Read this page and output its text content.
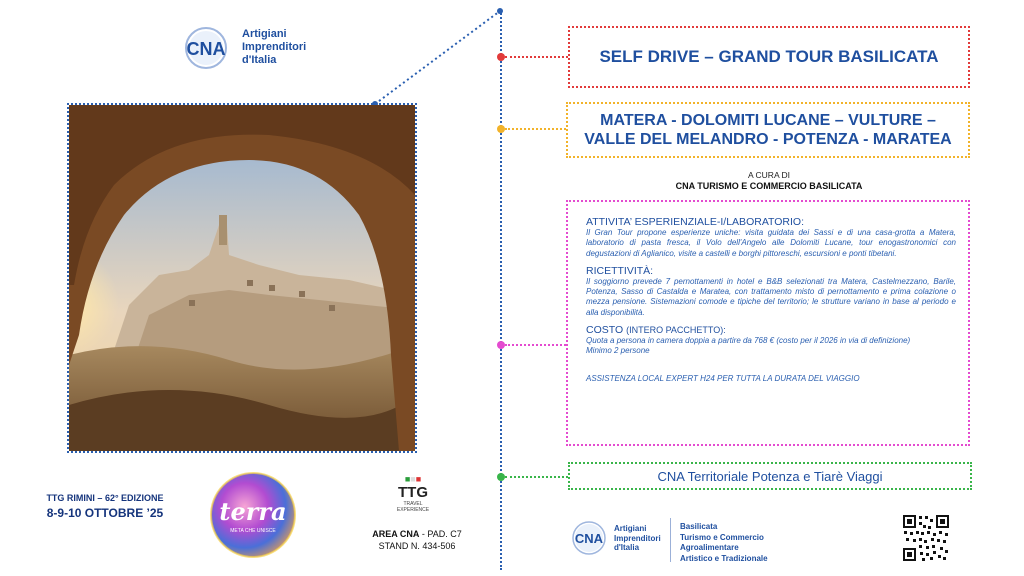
CNA
Artigiani
Imprenditori
d'Italia
TTG RIMINI – 62° EDIZIONE
8-9-10 OTTOBRE ’25 terra
META CHE UNISCE
■■■
TTG
TRAVEL EXPERIENCE
AREA CNA - PAD. C7
STAND N. 434-506
SELF DRIVE – GRAND TOUR BASILICATA
MATERA - DOLOMITI LUCANE – VULTURE –
VALLE DEL MELANDRO - POTENZA - MARATEA
A CURA DI
CNA TURISMO E COMMERCIO BASILICATA
ATTIVITA’ ESPERIENZIALE-I/LABORATORIO:
Il Gran Tour propone esperienze uniche: visita guidata dei Sassi e di una casa-grotta a Matera, laboratorio di pasta fresca, il Volo dell'Angelo alle Dolomiti Lucane, tour enogastronomici con degustazioni di Aglianico, visite a castelli e borghi pittoreschi, escursioni e ponti tibetani.
RICETTIVITÀ:
Il soggiorno prevede 7 pernottamenti in hotel e B&B selezionati tra Matera, Castelmezzano, Barile, Potenza, Sasso di Castalda e Maratea, con trattamento misto di pernottamento e prima colazione o mezza pensione. Sistemazioni comode e tipiche del territorio; le strutture variano in base al periodo e alla disponibilità.
COSTO (INTERO PACCHETTO):
Quota a persona in camera doppia a partire da 768 € (costo per il 2026 in via di definizione)
Minimo 2 persone
ASSISTENZA LOCAL EXPERT H24 PER TUTTA LA DURATA DEL VIAGGIO
CNA Territoriale Potenza e Tiarè Viaggi
CNA
Artigiani
Imprenditori
d'Italia
Basilicata
Turismo e Commercio
Agroalimentare
Artistico e Tradizionale
